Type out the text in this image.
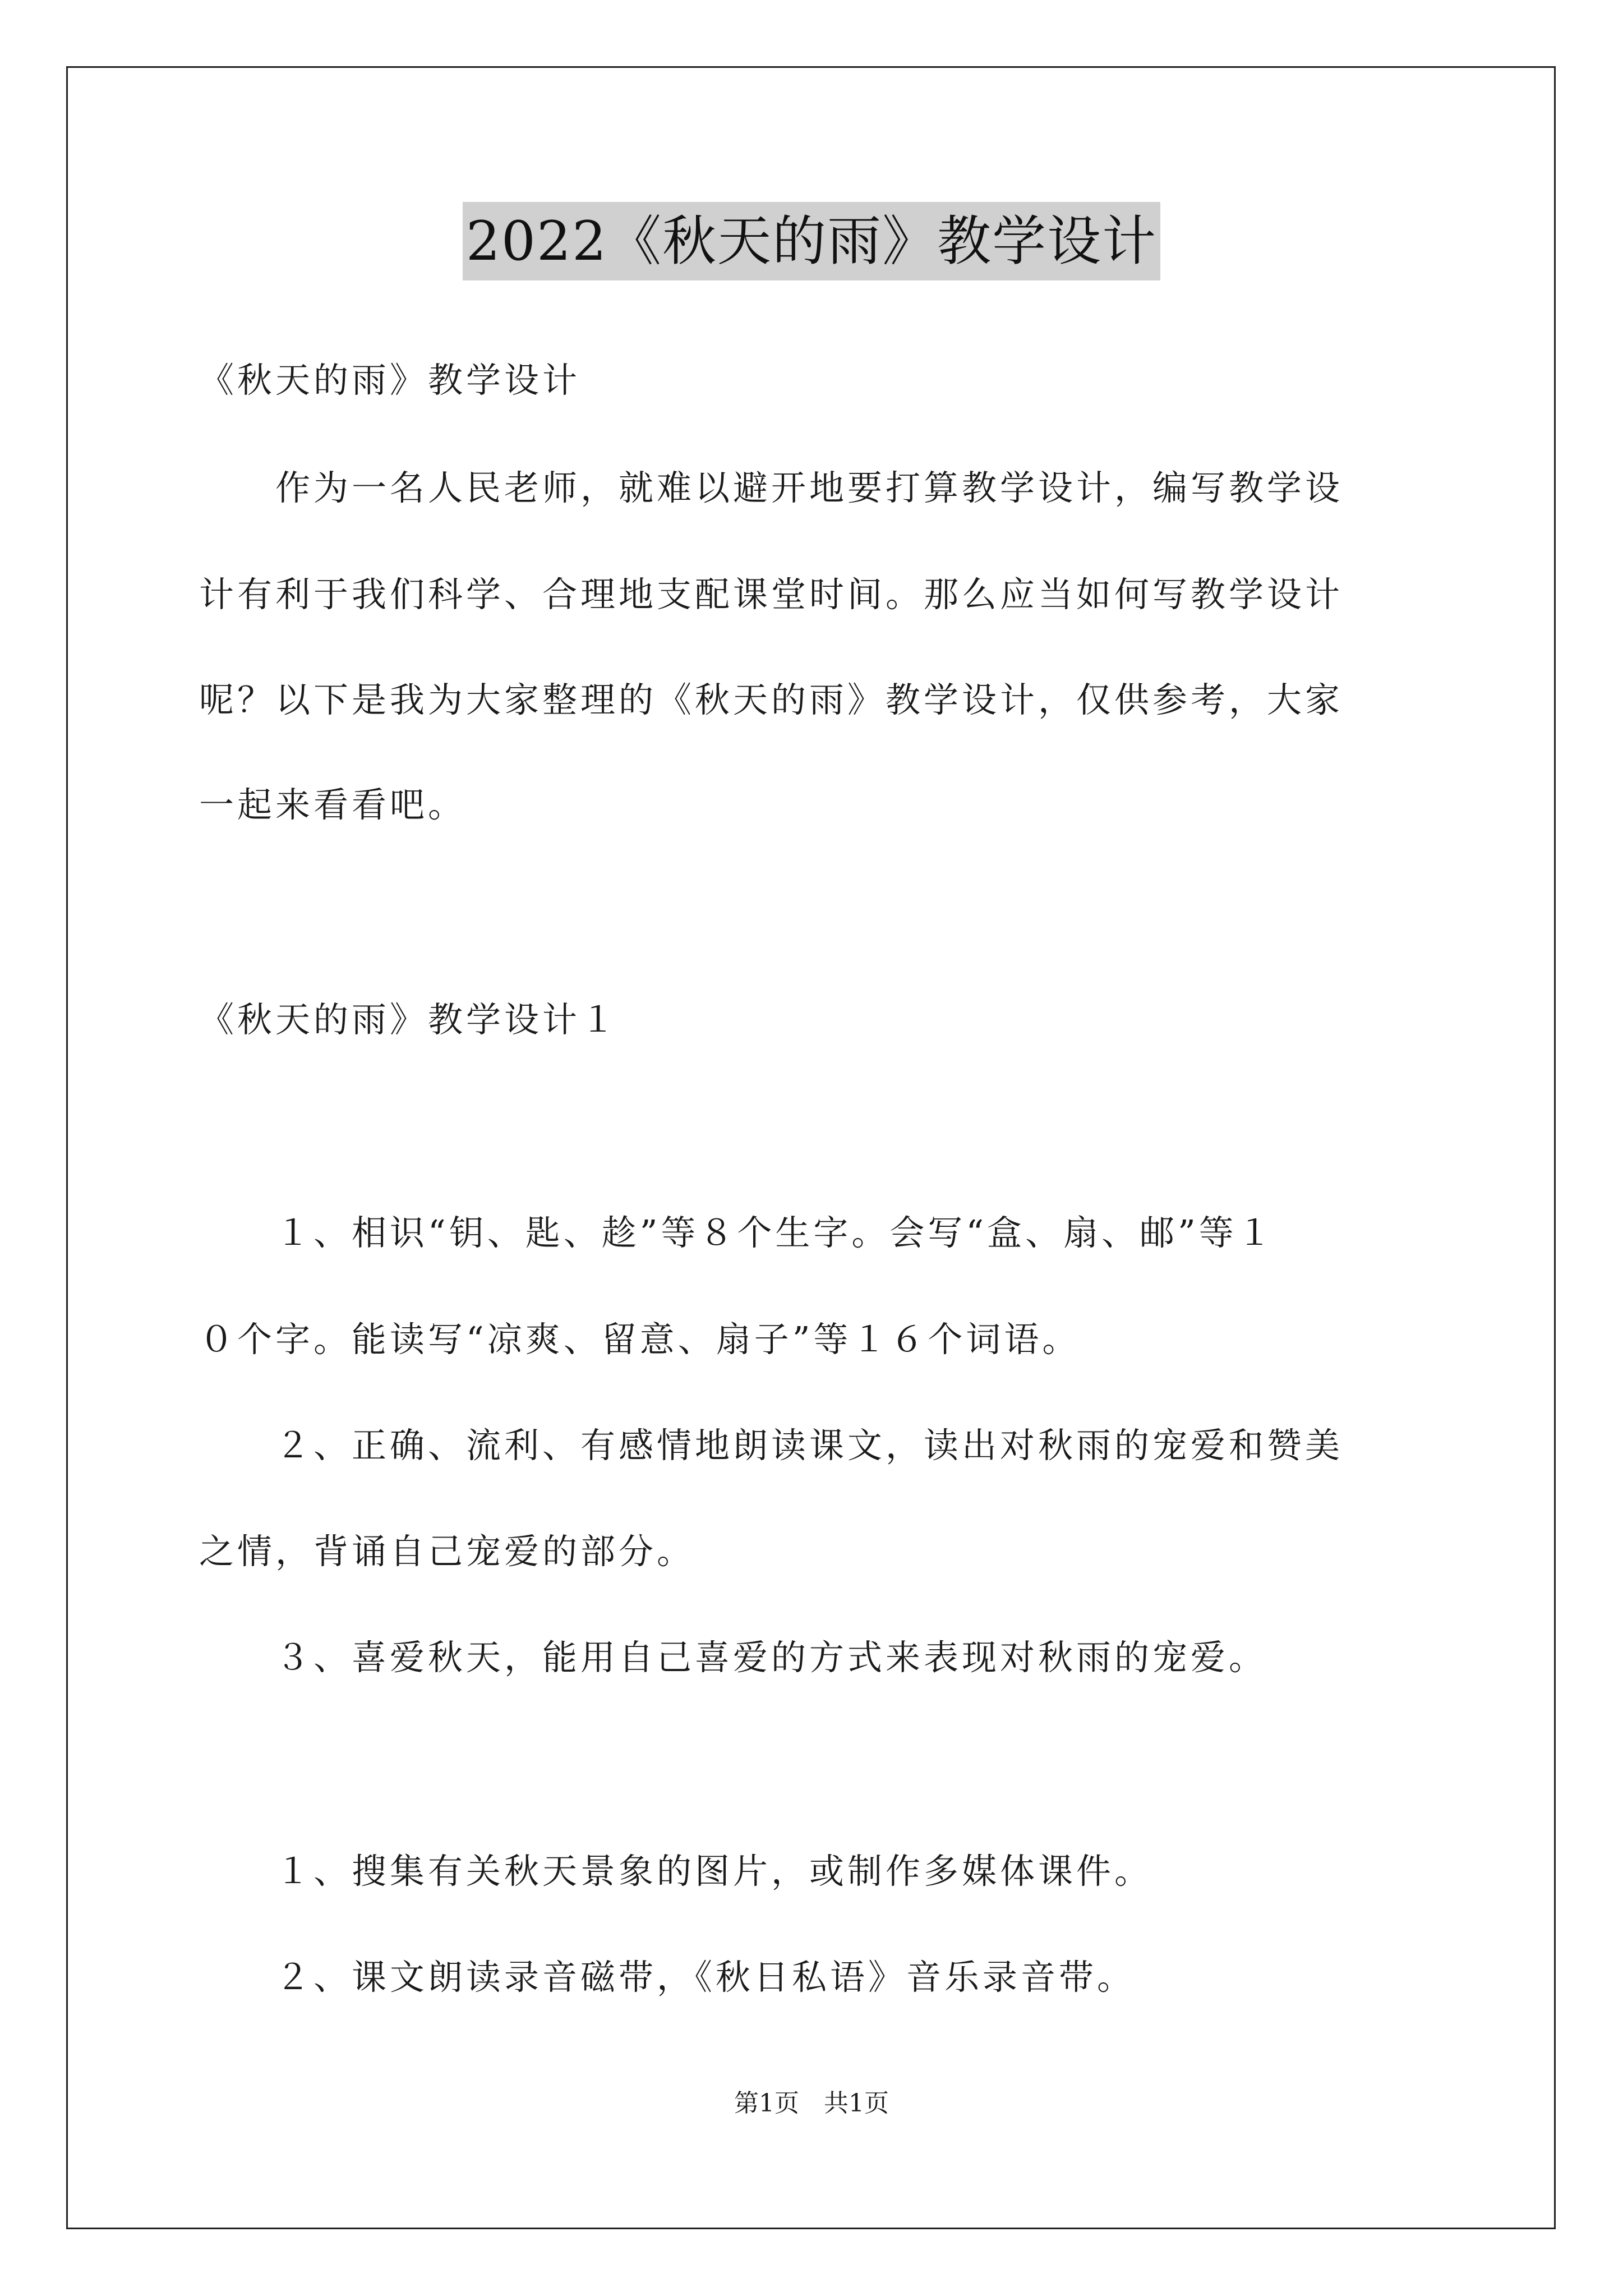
2022《秋天的雨》教学设计
《秋天的雨》教学设计
　　作为一名人民老师，就难以避开地要打算教学设计，编写教学设
计有利于我们科学、合理地支配课堂时间。那么应当如何写教学设计
呢？以下是我为大家整理的《秋天的雨》教学设计，仅供参考，大家
一起来看看吧。
《秋天的雨》教学设计１
　　１、相识“钥、匙、趁”等８个生字。会写“盒、扇、邮”等１
０个字。能读写“凉爽、留意、扇子”等１６个词语。
　　２、正确、流利、有感情地朗读课文，读出对秋雨的宠爱和赞美
之情，背诵自己宠爱的部分。
　　３、喜爱秋天，能用自己喜爱的方式来表现对秋雨的宠爱。
　　１、搜集有关秋天景象的图片，或制作多媒体课件。
　　２、课文朗读录音磁带，《秋日私语》音乐录音带。
第1页　共1页
